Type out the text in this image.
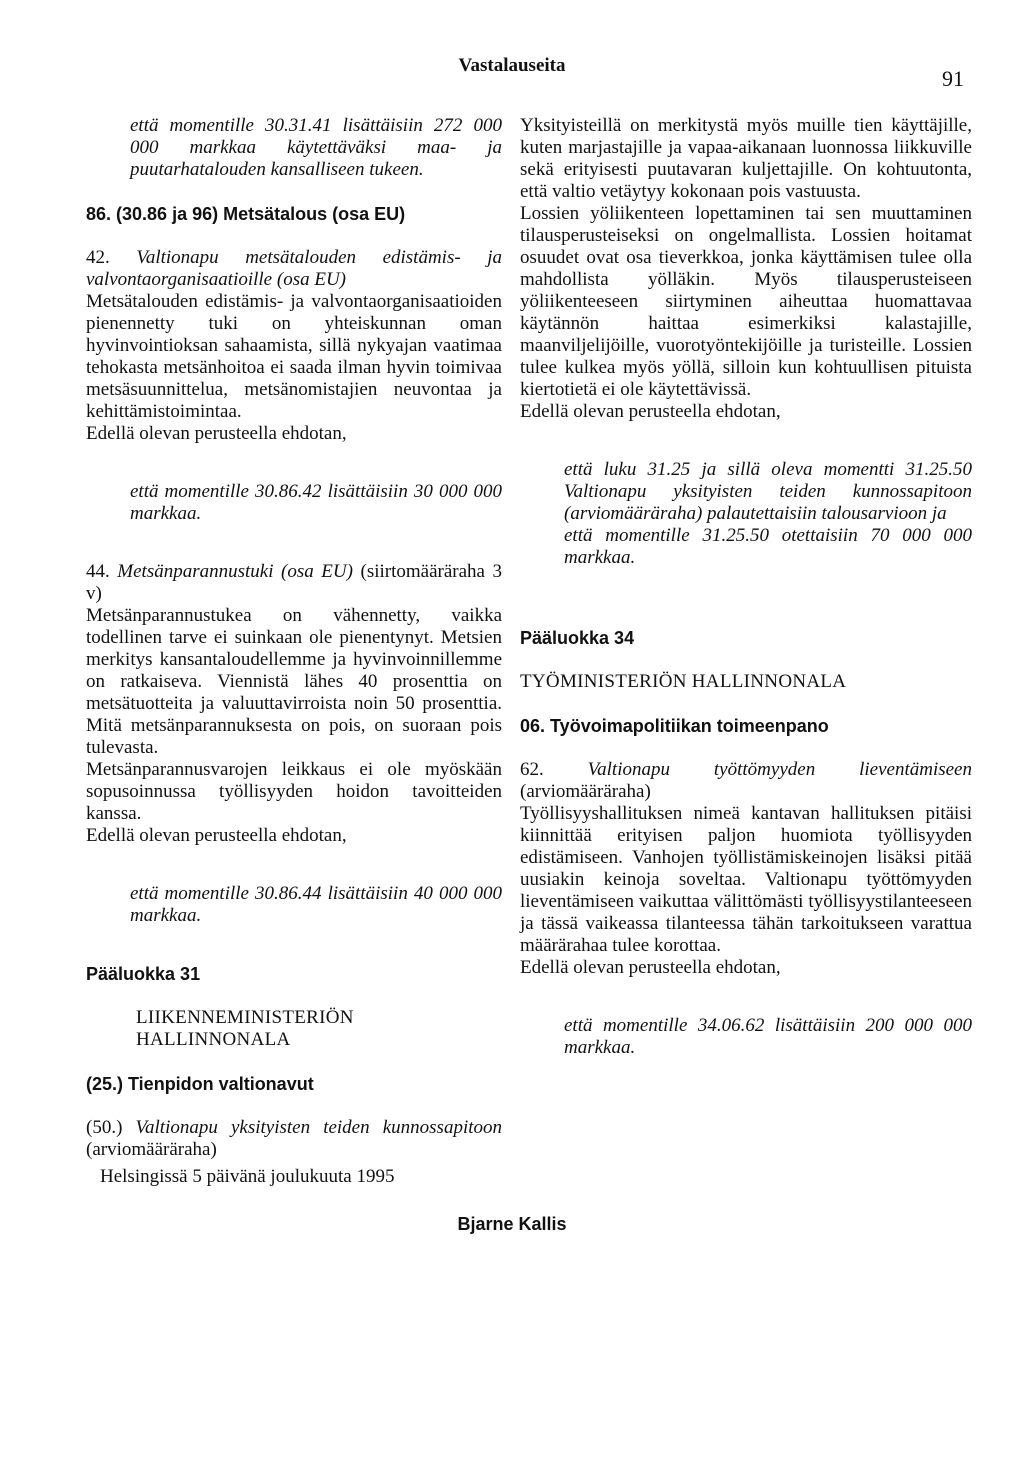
Vastalauseita
91

että momentille 30.31.41 lisättäisiin 272 000 000 markkaa käytettäväksi maa- ja puutarhatalouden kansalliseen tukeen.

86. (30.86 ja 96) Metsätalous (osa EU)

42. Valtionapu metsätalouden edistämis- ja valvontaorganisaatioille (osa EU)

Metsätalouden edistämis- ja valvontaorganisaatioiden pienennetty tuki on yhteiskunnan oman hyvinvointioksan sahaamista, sillä nykyajan vaatimaa tehokasta metsänhoitoa ei saada ilman hyvin toimivaa metsäsuunnittelua, metsänomistajien neuvontaa ja kehittämistoimintaa.

Edellä olevan perusteella ehdotan,

että momentille 30.86.42 lisättäisiin 30 000 000 markkaa.

44. Metsänparannustuki (osa EU) (siirtomääräraha 3 v)

Metsänparannustukea on vähennetty, vaikka todellinen tarve ei suinkaan ole pienentynyt. Metsien merkitys kansantaloudellemme ja hyvinvoinnillemme on ratkaiseva. Viennistä lähes 40 prosenttia on metsätuotteita ja valuuttavirroista noin 50 prosenttia. Mitä metsänparannuksesta on pois, on suoraan pois tulevasta.

Metsänparannusvarojen leikkaus ei ole myöskään sopusoinnussa työllisyyden hoidon tavoitteiden kanssa.

Edellä olevan perusteella ehdotan,

että momentille 30.86.44 lisättäisiin 40 000 000 markkaa.

Pääluokka 31

LIIKENNEMINISTERIÖN HALLINNONALA

(25.) Tienpidon valtionavut

(50.) Valtionapu yksityisten teiden kunnossapitoon (arviomääräraha)

Yksityisteillä on merkitystä myös muille tien käyttäjille, kuten marjastajille ja vapaa-aikanaan luonnossa liikkuville sekä erityisesti puutavaran kuljettajille. On kohtuutonta, että valtio vetäytyy kokonaan pois vastuusta.

Lossien yöliikenteen lopettaminen tai sen muuttaminen tilausperusteiseksi on ongelmallista. Lossien hoitamat osuudet ovat osa tieverkkoa, jonka käyttämisen tulee olla mahdollista yölläkin. Myös tilausperusteiseen yöliikenteeseen siirtyminen aiheuttaa huomattavaa käytännön haittaa esimerkiksi kalastajille, maanviljelijöille, vuorotyöntekijöille ja turisteille. Lossien tulee kulkea myös yöllä, silloin kun kohtuullisen pituista kiertotietä ei ole käytettävissä.

Edellä olevan perusteella ehdotan,

että luku 31.25 ja sillä oleva momentti 31.25.50 Valtionapu yksityisten teiden kunnossapitoon (arviomääräraha) palautettaisiin talousarvioon ja

että momentille 31.25.50 otettaisiin 70 000 000 markkaa.

Pääluokka 34

TYÖMINISTERIÖN HALLINNONALA

06. Työvoimapolitiikan toimeenpano

62. Valtionapu työttömyyden lieventämiseen (arviomääräraha)

Työllisyyshallituksen nimeä kantavan hallituksen pitäisi kiinnittää erityisen paljon huomiota työllisyyden edistämiseen. Vanhojen työllistämiskeinojen lisäksi pitää uusiakin keinoja soveltaa. Valtionapu työttömyyden lieventämiseen vaikuttaa välittömästi työllisyystilanteeseen ja tässä vaikeassa tilanteessa tähän tarkoitukseen varattua määrärahaa tulee korottaa.

Edellä olevan perusteella ehdotan,

että momentille 34.06.62 lisättäisiin 200 000 000 markkaa.

Helsingissä 5 päivänä joulukuuta 1995
Bjarne Kallis
